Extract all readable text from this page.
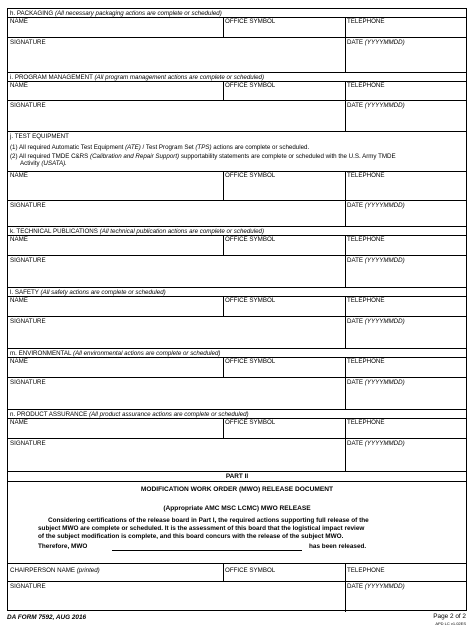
h. PACKAGING (All necessary packaging actions are complete or scheduled)
NAME	OFFICE SYMBOL	TELEPHONE
SIGNATURE	DATE (YYYYMMDD)
i. PROGRAM MANAGEMENT (All program management actions are complete or scheduled)
NAME	OFFICE SYMBOL	TELEPHONE
SIGNATURE	DATE (YYYYMMDD)
j. TEST EQUIPMENT
(1) All required Automatic Test Equipment (ATE) / Test Program Set (TPS) actions are complete or scheduled.
(2) All required TMDE C&RS (Calibration and Repair Support) supportability statements are complete or scheduled with the U.S. Army TMDE
Activity (USATA).
NAME	OFFICE SYMBOL	TELEPHONE
SIGNATURE	DATE (YYYYMMDD)
k. TECHNICAL PUBLICATIONS (All technical publication actions are complete or scheduled)
NAME	OFFICE SYMBOL	TELEPHONE
SIGNATURE	DATE (YYYYMMDD)
l. SAFETY (All safety actions are complete or scheduled)
NAME	OFFICE SYMBOL	TELEPHONE
SIGNATURE	DATE (YYYYMMDD)
m. ENVIRONMENTAL (All environmental actions are complete or scheduled)
NAME	OFFICE SYMBOL	TELEPHONE
SIGNATURE	DATE (YYYYMMDD)
n. PRODUCT ASSURANCE (All product assurance actions are complete or scheduled)
NAME	OFFICE SYMBOL	TELEPHONE
SIGNATURE	DATE (YYYYMMDD)
PART II
MODIFICATION WORK ORDER (MWO) RELEASE DOCUMENT
(Appropriate AMC MSC LCMC) MWO RELEASE
Considering certifications of the release board in Part I, the required actions supporting full release of the
subject MWO are complete or scheduled. It is the assessment of this board that the logistical impact review
of the subject modification is complete, and this board concurs with the release of the subject MWO.
Therefore, MWO	has been released.
CHAIRPERSON NAME (printed)	OFFICE SYMBOL	TELEPHONE
SIGNATURE	DATE (YYYYMMDD)
DA FORM 7592, AUG 2016	Page 2 of 2
APD LC v1.02ES
